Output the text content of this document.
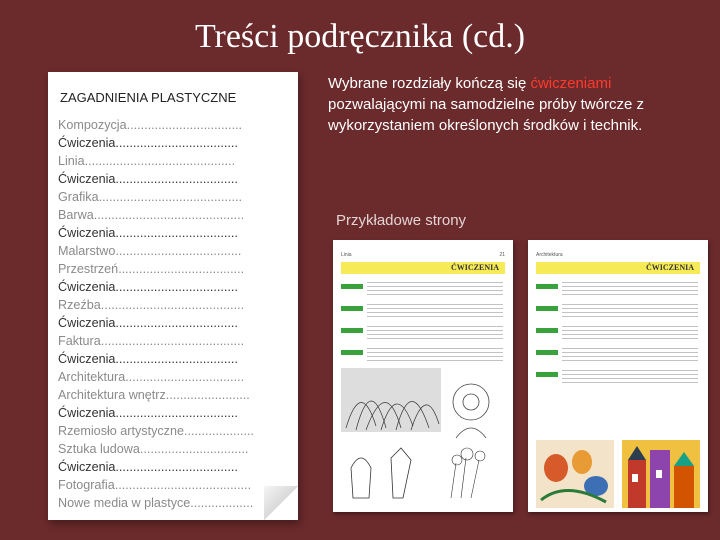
Treści podręcznika (cd.)
ZAGADNIENIA PLASTYCZNE
Kompozycja.................................
Ćwiczenia...................................
Linia...........................................
Ćwiczenia...................................
Grafika.........................................
Barwa...........................................
Ćwiczenia...................................
Malarstwo....................................
Przestrzeń....................................
Ćwiczenia...................................
Rzeźba.........................................
Ćwiczenia...................................
Faktura.........................................
Ćwiczenia...................................
Architektura..................................
Architektura wnętrz........................
Ćwiczenia...................................
Rzemiosło artystyczne....................
Sztuka ludowa...............................
Ćwiczenia...................................
Fotografia.......................................
Nowe media w plastyce..................
Wybrane rozdziały kończą się ćwiczeniami pozwalającymi na samodzielne próby twórcze z wykorzystaniem określonych środków i technik.
Przykładowe strony
Linia	21
ĆWICZENIA
Architektura
ĆWICZENIA
